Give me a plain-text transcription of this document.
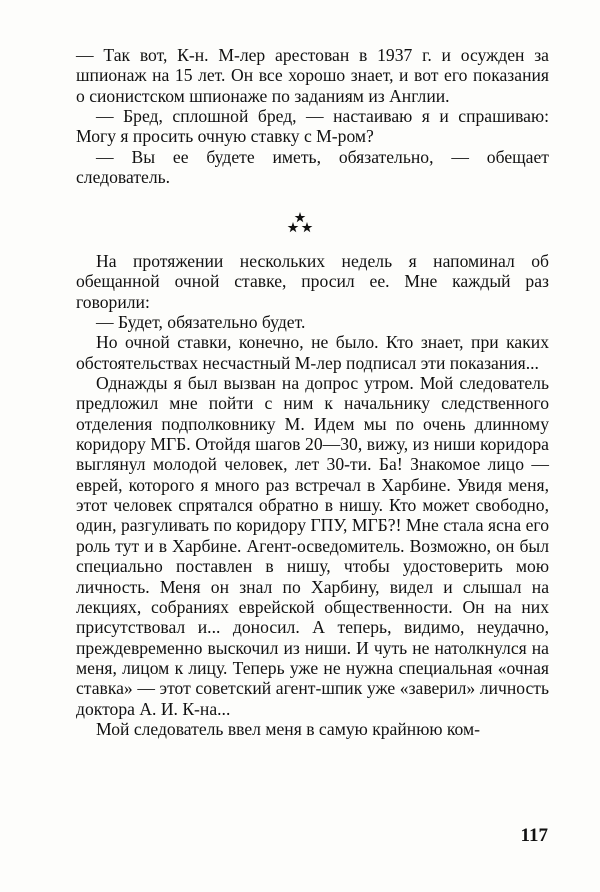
— Так вот, К-н. М-лер арестован в 1937 г. и осужден за шпионаж на 15 лет. Он все хорошо знает, и вот его показания о сионистском шпионаже по заданиям из Англии.

— Бред, сплошной бред, — настаиваю я и спрашиваю: Могу я просить очную ставку с М-ром?

— Вы ее будете иметь, обязательно, — обещает следователь.

На протяжении нескольких недель я напоминал об обещанной очной ставке, просил ее. Мне каждый раз говорили:

— Будет, обязательно будет.

Но очной ставки, конечно, не было. Кто знает, при каких обстоятельствах несчастный М-лер подписал эти показания...

Однажды я был вызван на допрос утром. Мой следователь предложил мне пойти с ним к начальнику следственного отделения подполковнику М. Идем мы по очень длинному коридору МГБ. Отойдя шагов 20—30, вижу, из ниши коридора выглянул молодой человек, лет 30-ти. Ба! Знакомое лицо — еврей, которого я много раз встречал в Харбине. Увидя меня, этот человек спрятался обратно в нишу. Кто может свободно, один, разгуливать по коридору ГПУ, МГБ?! Мне стала ясна его роль тут и в Харбине. Агент-осведомитель. Возможно, он был специально поставлен в нишу, чтобы удостоверить мою личность. Меня он знал по Харбину, видел и слышал на лекциях, собраниях еврейской общественности. Он на них присутствовал и... доносил. А теперь, видимо, неудачно, преждевременно выскочил из ниши. И чуть не натолкнулся на меня, лицом к лицу. Теперь уже не нужна специальная «очная ставка» — этот советский агент-шпик уже «заверил» личность доктора А. И. К-на...

Мой следователь ввел меня в самую крайнюю ком-

117
